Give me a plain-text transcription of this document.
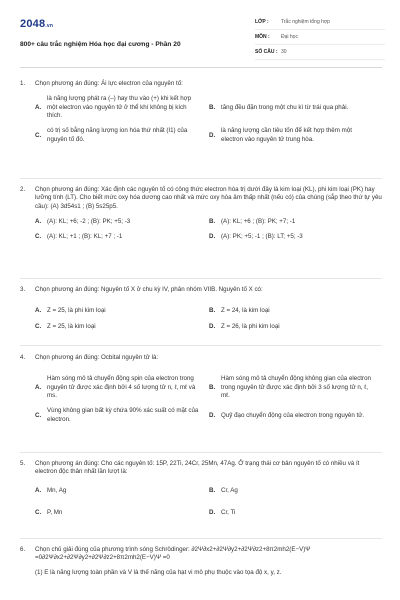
2048.vn
800+ câu trắc nghiệm Hóa học đại cương - Phần 20
LỚP :	Trắc nghiệm tổng hợp
MÔN :	Đại học
SỐ CÂU : 30
1.	Chọn phương án đúng: Ái lực electron của nguyên tố:
A.
là năng lượng phát ra (–) hay thu vào (+) khi kết hợp một electron vào nguyên tử ở thể khí không bị kích thích.
B. tăng đều đặn trong một chu kì từ trái qua phải.
C.
có trị số bằng năng lượng ion hóa thứ nhất (I1) của nguyên tố đó.
D.
là năng lượng cần tiêu tốn để kết hợp thêm một electron vào nguyên tử trung hòa.
2.	Chọn phương án đúng: Xác định các nguyên tố có công thức electron hóa trị dưới đây là kim loại (KL), phi kim loại (PK) hay lưỡng tính (LT). Cho biết mức oxy hóa dương cao nhất và mức oxy hóa âm thấp nhất (nếu có) của chúng (sắp theo thứ tự yêu cầu): (A) 3d54s1 ; (B) 5s25p5.
A. (A): KL; +6; -2 ; (B): PK; +5; -3	B. (A): KL; +6 ; (B): PK; +7; -1
C. (A): KL; +1 ; (B): KL; +7 ; -1	D. (A): PK; +5; -1 ; (B): LT; +5; -3
3.	Chọn phương án đúng: Nguyên tố X ở chu kỳ IV, phân nhóm VIIB. Nguyên tố X có:
A. Z = 25, là phi kim loại	B. Z = 24, là kim loại
C. Z = 25, là kim loại	D. Z = 26, là phi kim loại
4.	Chọn phương án đúng: Ocbital nguyên tử là:
A.
Hàm sóng mô tả chuyển động spin của electron trong nguyên tử được xác định bởi 4 số lượng tử n, ℓ, mℓ và ms.
B.
Hàm sóng mô tả chuyển động không gian của electron trong nguyên tử được xác định bởi 3 số lượng tử n, ℓ, mℓ.
C.
Vùng không gian bất kỳ chứa 90% xác suất có mặt của electron.
D. Quỹ đạo chuyển động của electron trong nguyên tử.
5.	Chọn phương án đúng: Cho các nguyên tố: 15P, 22Ti, 24Cr, 25Mn, 47Ag. Ở trạng thái cơ bản nguyên tố có nhiều và ít electron độc thân nhất lần lượt là:
A. Mn, Ag	B. Cr, Ag
C. P, Mn	D. Cr, Ti
6.	Chọn chủ giải đúng của phương trình sóng Schrödinger: ∂2Ψ∂x2+∂2Ψ∂y2+∂2Ψ∂z2+8π2mh2(E−V)Ψ =0∂2Ψ∂x2+∂2Ψ∂y2+∂2Ψ∂z2+8π2mh2(E−V)Ψ =0
(1) E là năng lượng toàn phần và V là thế năng của hạt vi mô phụ thuộc vào tọa độ x, y, z.
